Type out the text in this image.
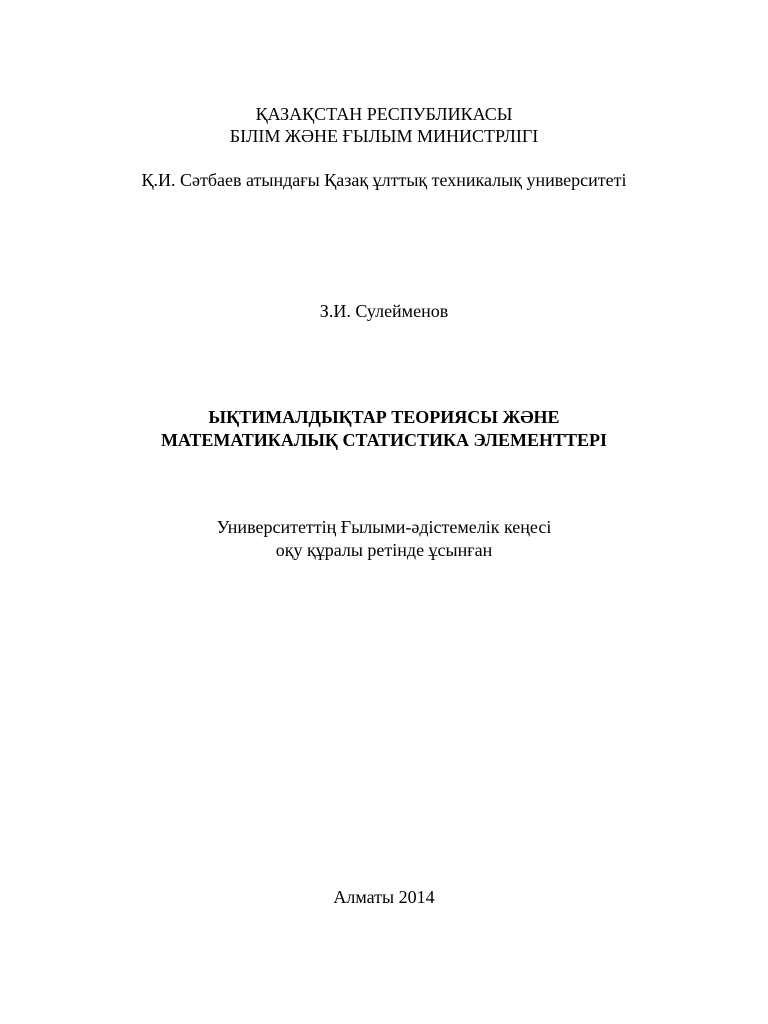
ҚАЗАҚСТАН РЕСПУБЛИКАСЫ
БІЛІМ ЖӘНЕ ҒЫЛЫМ МИНИСТРЛІГІ
Қ.И. Сәтбаев атындағы Қазақ ұлттық техникалық университеті
З.И. Сулейменов
ЫҚТИМАЛДЫҚТАР ТЕОРИЯСЫ ЖӘНЕ
МАТЕМАТИКАЛЫҚ СТАТИСТИКА ЭЛЕМЕНТТЕРІ
Университеттің Ғылыми-әдістемелік кеңесі
оқу құралы ретінде ұсынған
Алматы 2014
